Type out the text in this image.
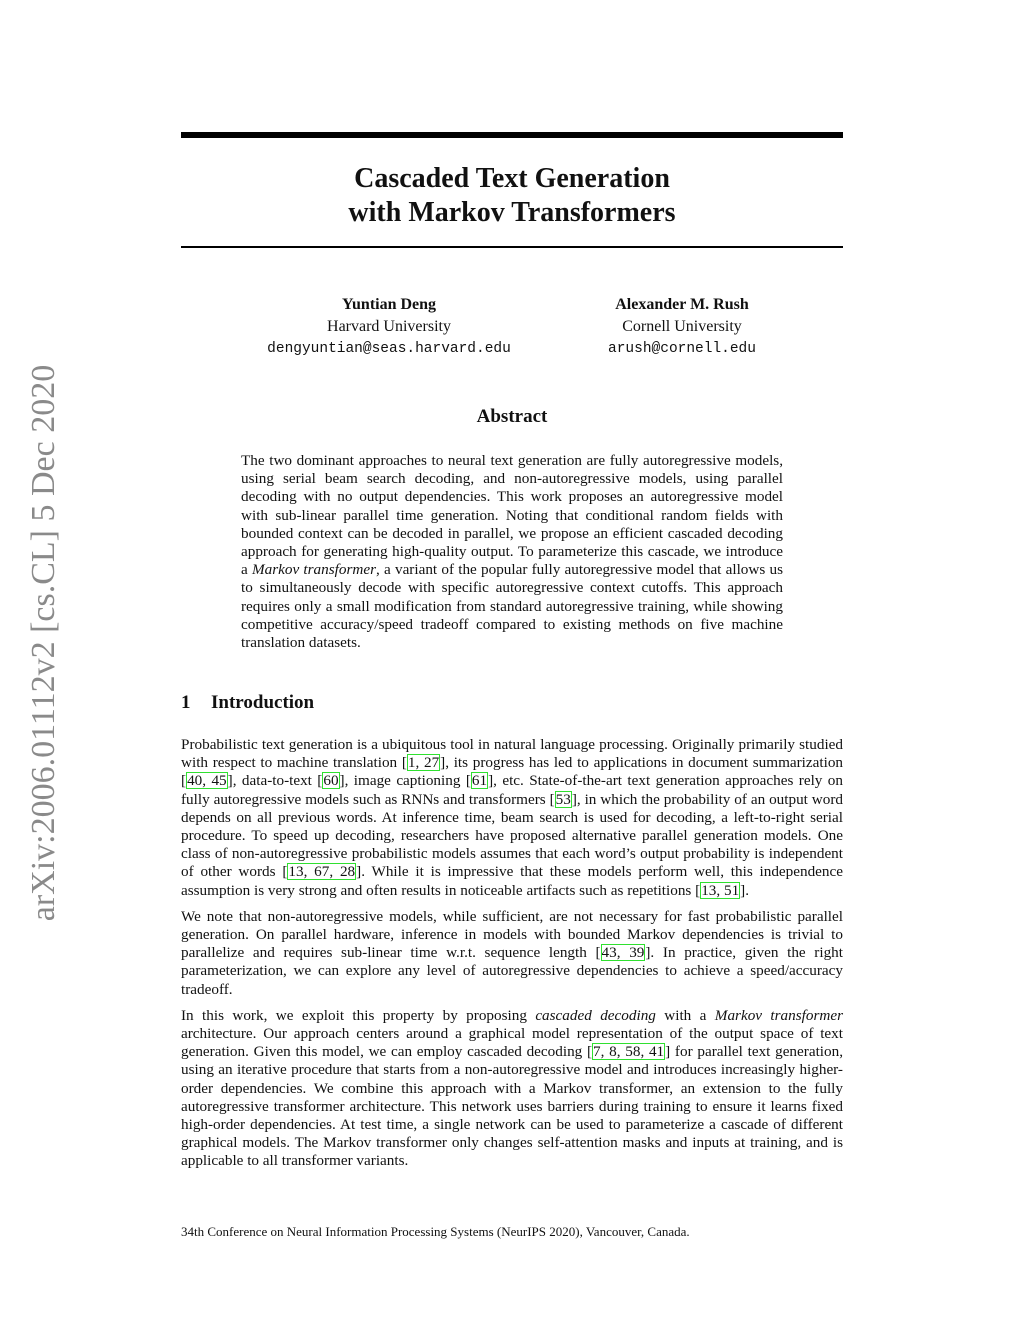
arXiv:2006.01112v2 [cs.CL] 5 Dec 2020
Cascaded Text Generation
with Markov Transformers
Yuntian Deng
Harvard University
dengyuntian@seas.harvard.edu
Alexander M. Rush
Cornell University
arush@cornell.edu
Abstract
The two dominant approaches to neural text generation are fully autoregressive models, using serial beam search decoding, and non-autoregressive models, using parallel decoding with no output dependencies. This work proposes an autoregressive model with sub-linear parallel time generation. Noting that conditional random fields with bounded context can be decoded in parallel, we propose an efficient cascaded decoding approach for generating high-quality output. To parameterize this cascade, we introduce a Markov transformer, a variant of the popular fully autoregressive model that allows us to simultaneously decode with specific autoregressive context cutoffs. This approach requires only a small modification from standard autoregressive training, while showing competitive accuracy/speed tradeoff compared to existing methods on five machine translation datasets.
1 Introduction

Probabilistic text generation is a ubiquitous tool in natural language processing. Originally primarily studied with respect to machine translation [1, 27], its progress has led to applications in document summarization [40, 45], data-to-text [60], image captioning [61], etc. State-of-the-art text generation approaches rely on fully autoregressive models such as RNNs and transformers [53], in which the probability of an output word depends on all previous words. At inference time, beam search is used for decoding, a left-to-right serial procedure. To speed up decoding, researchers have proposed alternative parallel generation models. One class of non-autoregressive probabilistic models assumes that each word’s output probability is independent of other words [13, 67, 28]. While it is impressive that these models perform well, this independence assumption is very strong and often results in noticeable artifacts such as repetitions [13, 51].

We note that non-autoregressive models, while sufficient, are not necessary for fast probabilistic parallel generation. On parallel hardware, inference in models with bounded Markov dependencies is trivial to parallelize and requires sub-linear time w.r.t. sequence length [43, 39]. In practice, given the right parameterization, we can explore any level of autoregressive dependencies to achieve a speed/accuracy tradeoff.

In this work, we exploit this property by proposing cascaded decoding with a Markov transformer architecture. Our approach centers around a graphical model representation of the output space of text generation. Given this model, we can employ cascaded decoding [7, 8, 58, 41] for parallel text generation, using an iterative procedure that starts from a non-autoregressive model and introduces increasingly higher-order dependencies. We combine this approach with a Markov transformer, an extension to the fully autoregressive transformer architecture. This network uses barriers during training to ensure it learns fixed high-order dependencies. At test time, a single network can be used to parameterize a cascade of different graphical models. The Markov transformer only changes self-attention masks and inputs at training, and is applicable to all transformer variants.

34th Conference on Neural Information Processing Systems (NeurIPS 2020), Vancouver, Canada.
